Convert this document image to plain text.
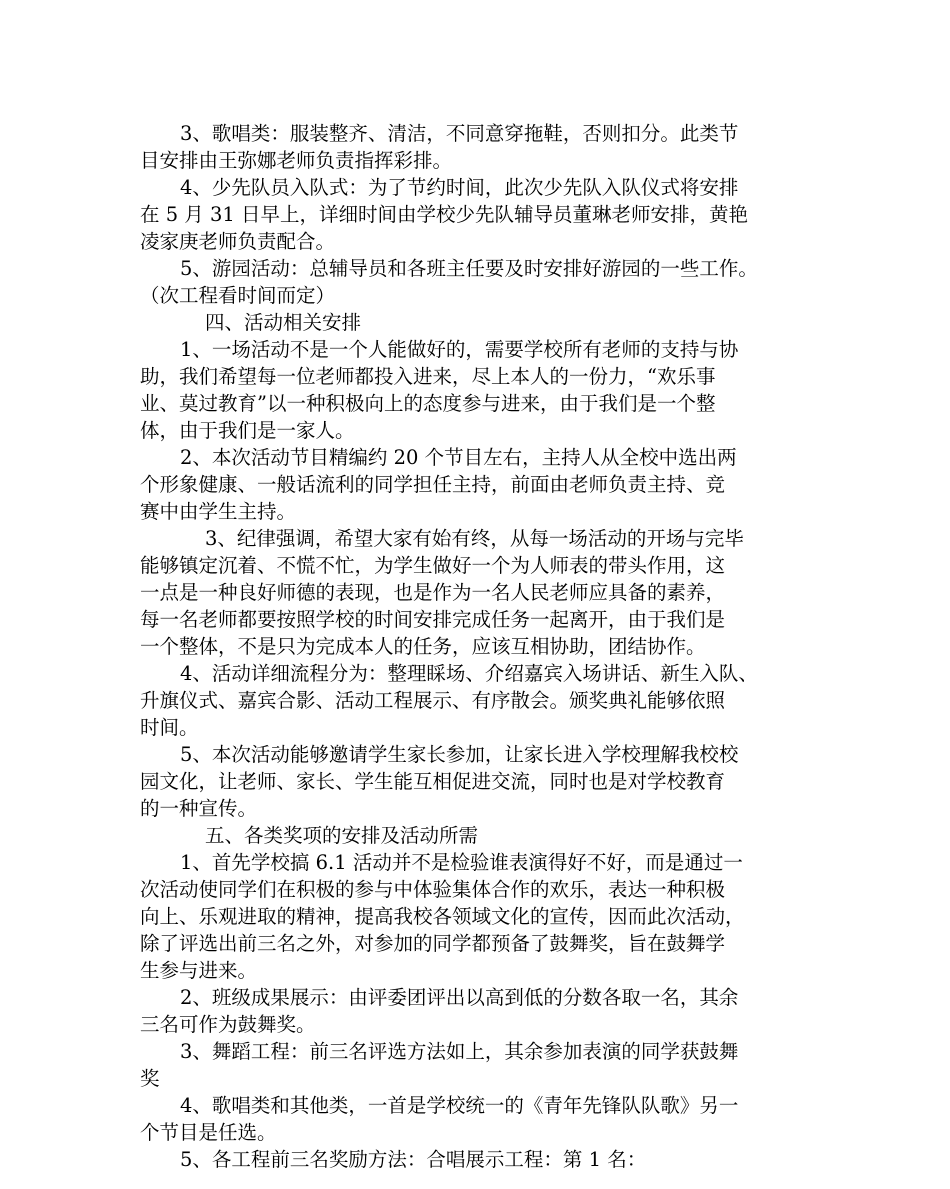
3、歌唱类：服装整齐、清洁，不同意穿拖鞋，否则扣分。此类节
目安排由王弥娜老师负责指挥彩排。
4、少先队员入队式：为了节约时间，此次少先队入队仪式将安排
在 5 月 31 日早上，详细时间由学校少先队辅导员董琳老师安排，黄艳
凌家庚老师负责配合。
5、游园活动：总辅导员和各班主任要及时安排好游园的一些工作。
（次工程看时间而定）
四、活动相关安排
1、一场活动不是一个人能做好的，需要学校所有老师的支持与协
助，我们希望每一位老师都投入进来，尽上本人的一份力，“欢乐事
业、莫过教育”以一种积极向上的态度参与进来，由于我们是一个整
体，由于我们是一家人。
2、本次活动节目精编约 20 个节目左右，主持人从全校中选出两
个形象健康、一般话流利的同学担任主持，前面由老师负责主持、竞
赛中由学生主持。
3、纪律强调，希望大家有始有终，从每一场活动的开场与完毕
能够镇定沉着、不慌不忙，为学生做好一个为人师表的带头作用，这
一点是一种良好师德的表现，也是作为一名人民老师应具备的素养，
每一名老师都要按照学校的时间安排完成任务一起离开，由于我们是
一个整体，不是只为完成本人的任务，应该互相协助，团结协作。
4、活动详细流程分为：整理睬场、介绍嘉宾入场讲话、新生入队、
升旗仪式、嘉宾合影、活动工程展示、有序散会。颁奖典礼能够依照
时间。
5、本次活动能够邀请学生家长参加，让家长进入学校理解我校校
园文化，让老师、家长、学生能互相促进交流，同时也是对学校教育
的一种宣传。
五、各类奖项的安排及活动所需
1、首先学校搞 6.1 活动并不是检验谁表演得好不好，而是通过一
次活动使同学们在积极的参与中体验集体合作的欢乐，表达一种积极
向上、乐观进取的精神，提高我校各领域文化的宣传，因而此次活动，
除了评选出前三名之外，对参加的同学都预备了鼓舞奖，旨在鼓舞学
生参与进来。
2、班级成果展示：由评委团评出以高到低的分数各取一名，其余
三名可作为鼓舞奖。
3、舞蹈工程：前三名评选方法如上，其余参加表演的同学获鼓舞
奖
4、歌唱类和其他类，一首是学校统一的《青年先锋队队歌》另一
个节目是任选。
5、各工程前三名奖励方法：合唱展示工程：第 1 名：
